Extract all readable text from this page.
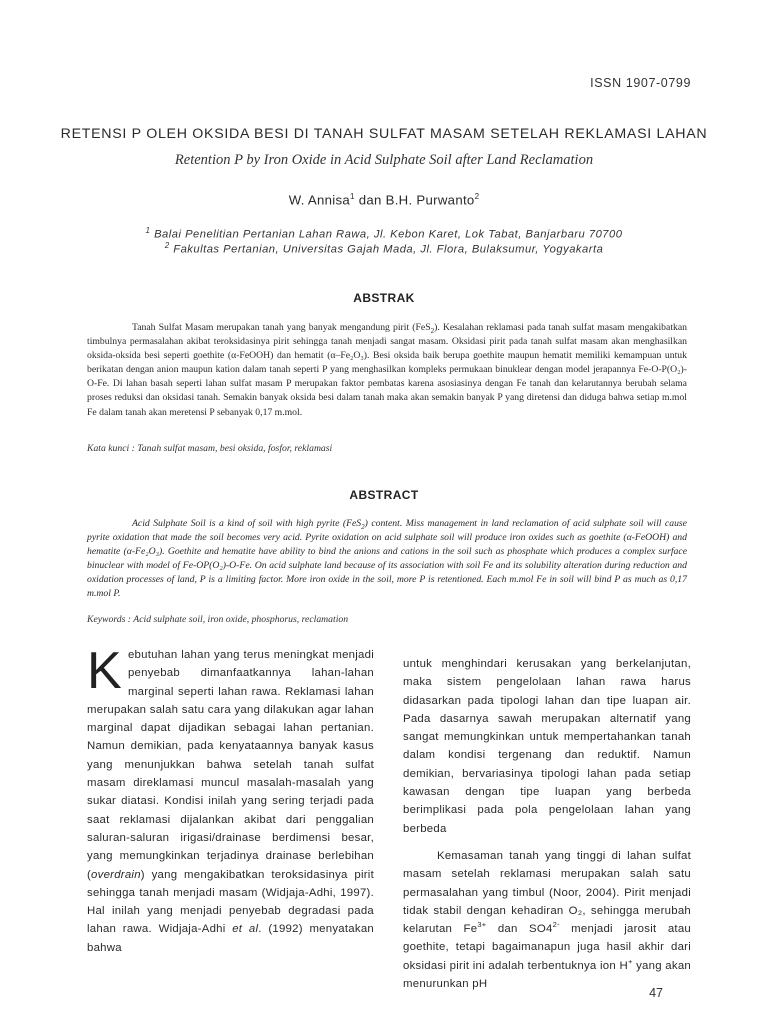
ISSN 1907-0799
RETENSI P OLEH OKSIDA BESI DI TANAH SULFAT MASAM SETELAH REKLAMASI LAHAN
Retention P by Iron Oxide in Acid Sulphate Soil after Land Reclamation
W. Annisa$^1$ dan B.H. Purwanto$^2$
$^1$ Balai Penelitian Pertanian Lahan Rawa, Jl. Kebon Karet, Lok Tabat, Banjarbaru 70700
$^2$ Fakultas Pertanian, Universitas Gajah Mada, Jl. Flora, Bulaksumur, Yogyakarta
ABSTRAK
Tanah Sulfat Masam merupakan tanah yang banyak mengandung pirit (FeS$_2$). Kesalahan reklamasi pada tanah sulfat masam mengakibatkan timbulnya permasalahan akibat teroksidasinya pirit sehingga tanah menjadi sangat masam. Oksidasi pirit pada tanah sulfat masam akan menghasilkan oksida-oksida besi seperti goethite (α-FeOOH) dan hematit (α–Fe₂O₃). Besi oksida baik berupa goethite maupun hematit memiliki kemampuan untuk berikatan dengan anion maupun kation dalam tanah seperti P yang menghasilkan kompleks permukaan binuklear dengan model jerapannya Fe-O-P(O₂)-O-Fe. Di lahan basah seperti lahan sulfat masam P merupakan faktor pembatas karena asosiasinya dengan Fe tanah dan kelarutannya berubah selama proses reduksi dan oksidasi tanah. Semakin banyak oksida besi dalam tanah maka akan semakin banyak P yang diretensi dan diduga bahwa setiap m.mol Fe dalam tanah akan meretensi P sebanyak 0,17 m.mol.
Kata kunci : Tanah sulfat masam, besi oksida, fosfor, reklamasi
ABSTRACT
Acid Sulphate Soil is a kind of soil with high pyrite (FeS$_2$) content. Miss management in land reclamation of acid sulphate soil will cause pyrite oxidation that made the soil becomes very acid. Pyrite oxidation on acid sulphate soil will produce iron oxides such as goethite (α-FeOOH) and hematite (α-Fe₂O₃). Goethite and hematite have ability to bind the anions and cations in the soil such as phosphate which produces a complex surface binuclear with model of Fe-OP(O₂)-O-Fe. On acid sulphate land because of its association with soil Fe and its solubility alteration during reduction and oxidation processes of land, P is a limiting factor. More iron oxide in the soil, more P is retentioned. Each m.mol Fe in soil will bind P as much as 0,17 m.mol P.
Keywords : Acid sulphate soil, iron oxide, phosphorus, reclamation
Kebutuhan lahan yang terus meningkat menjadi penyebab dimanfaatkannya lahan-lahan marginal seperti lahan rawa. Reklamasi lahan merupakan salah satu cara yang dilakukan agar lahan marginal dapat dijadikan sebagai lahan pertanian. Namun demikian, pada kenyataannya banyak kasus yang menunjukkan bahwa setelah tanah sulfat masam direklamasi muncul masalah-masalah yang sukar diatasi. Kondisi inilah yang sering terjadi pada saat reklamasi dijalankan akibat dari penggalian saluran-saluran irigasi/drainase berdimensi besar, yang memungkinkan terjadinya drainase berlebihan (overdrain) yang mengakibatkan teroksidasinya pirit sehingga tanah menjadi masam (Widjaja-Adhi, 1997). Hal inilah yang menjadi penyebab degradasi pada lahan rawa. Widjaja-Adhi et al. (1992) menyatakan bahwa

untuk menghindari kerusakan yang berkelanjutan, maka sistem pengelolaan lahan rawa harus didasarkan pada tipologi lahan dan tipe luapan air. Pada dasarnya sawah merupakan alternatif yang sangat memungkinkan untuk mempertahankan tanah dalam kondisi tergenang dan reduktif. Namun demikian, bervariasinya tipologi lahan pada setiap kawasan dengan tipe luapan yang berbeda berimplikasi pada pola pengelolaan lahan yang berbeda

Kemasaman tanah yang tinggi di lahan sulfat masam setelah reklamasi merupakan salah satu permasalahan yang timbul (Noor, 2004). Pirit menjadi tidak stabil dengan kehadiran O₂, sehingga merubah kelarutan $Fe^{3+}$ dan $SO4^{2-}$ menjadi jarosit atau goethite, tetapi bagaimanapun juga hasil akhir dari oksidasi pirit ini adalah terbentuknya ion H+ yang akan menurunkan pH

47
